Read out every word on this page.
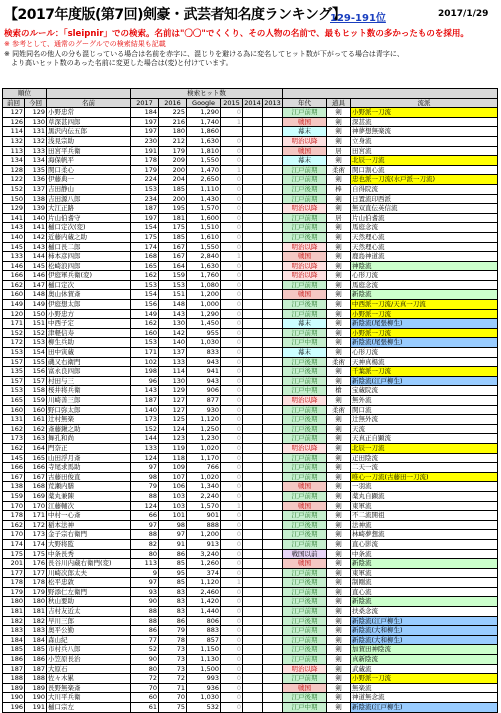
【2017年度版(第7回)剣豪・武芸者知名度ランキング】
129-191位	2017/1/29
検索のルール：「sleipnir」での検索。名前は"〇〇"でくくり、その人物の名前で、最もヒット数の多かったものを採用。
※ 参考として、通常のグーグルでの検索結果も記載
※ 同姓同名の他人の分も混じっている場合は名前を赤字に、混じりを避ける為に変名してヒット数が下がってる場合は青字に、
　より高いヒット数のあった名前に変更した場合は(変)と付けています。
順位			検索ヒット数								
前回	今回	名前	2017	2016	Google	2015	2014	2013	年代	道具	流派
127	129	小野忠常	184	225	1,290	0			江戸前期	剣	小野派一刀流
126	130	草深甚四郎	197	216	1,740	1			戦国	剣	深甚流
114	131	黒沢内伝五郎	197	180	1,860				幕末	剣	神夢想無楽流
132	132	浅見宗助	230	212	1,630	0			明治以降	剣	立身流
113	133	田宮平兵衛	191	179	1,810	0			戦国	居	田宮流
134	134	海保帆平	178	209	1,550	0			幕末	剣	北辰一刀流
128	135	関口柔心	179	200	1,470	1			江戸前期	柔術	関口割心流
122	136	伊藤典一	224	204	2,650	0			江戸前期	剣	忠也派一刀流(水戸派一刀流)
152	137	吉田静山	153	185	1,110	0			江戸後期	棒	自得院流
150	138	吉田源八郎	234	200	1,430	0			江戸前期	剣	日置流印西派
129	139	大江正路	187	195	1,570	0			明治以降	剣	無双直伝英信流
141	140	片山伯耆守	197	181	1,600	0			江戸前期	居	片山伯耆流
143	141	樋口定次(変)	154	175	1,510	0			江戸前期	剣	馬庭念流
140	142	近藤内蔵之助	175	185	1,610	0			江戸後期	剣	天然理心流
145	143	樋口長二郎	174	167	1,550	0			明治以降	剣	天然理心流
133	144	柿本彦四郎	168	167	2,840	1			戦国	剣	鹿島神道流
146	145	松崎浪四郎	165	164	1,630	0			明治以降	剣	神陰流
166	146	伊庭軍兵衛(変)	162	159	1,760	0			明治以降	剣	心形刀流
162	147	樋口定次	153	153	1,080	0			江戸前期	剣	馬庭念流
160	148	奥山休賀斎	154	151	1,200	0			戦国	剣	新陰流
149	149	伊庭想太郎	156	148	1,000	0			江戸後期	剣	中西派一刀流/天真一刀流
120	150	小野忠方	149	143	1,290	0			江戸前期	剣	小野派一刀流
171	151	中西子定	162	130	1,450	0			幕末	剣	新陰流(尾張柳生)
152	152	津軽信寿	160	142	955	0			江戸前期	剣	小野派一刀流
172	153	柳生兵助	153	140	1,030	0			江戸中期	剣	新陰流(尾張柳生)
153	154	田中寅蔵	171	137	833	0			幕末	剣	心形刀流
157	155	磯又右衛門	102	133	943	0			江戸後期	柔術	天神真楊流
135	156	富永良四郎	198	114	941	0			江戸後期	剣	千葉派一刀流
157	157	村田与三	96	130	943	0			江戸前期	剣	新陰流(江戸柳生)
153	158	桜井将兵衛	143	129	906	0			江戸中期	槍	宝蔵院流
165	159	川崎善三郎	187	127	877	0			明治以降	剣	無外流
160	160	野口弥太郎	140	127	930	0			江戸前期	柔術	関口流
131	161	辻村無楽	173	125	1,120	0			江戸後期	剣	辻無外流
162	162	斎藤鍬之助	152	124	1,250	0			江戸後期	剣	天流
173	163	舞孔和尚	144	123	1,230	0			江戸前期	剣	天真正自顕流
162	164	門奈正	133	119	1,020	0			明治以降	剣	北辰一刀流
145	165	山田浮月斎	124	118	1,170	0			江戸前期	剣	疋田陰流
166	166	寺尾求馬助	97	109	766	0			江戸前期	剣	二天一流
167	167	古藤田俊直	98	107	1,020	0			江戸前期	剣	唯心一刀流(古藤田一刀流)
138	168	荒瀬内膳	79	106	1,340	0			戦国	剣	一羽流
159	169	薬丸兼陳	88	103	2,240	0			江戸前期	剣	薬丸自顕流
170	170	江藤輔次	124	103	1,570	1			戦国	剣	東軍流
178	171	中村一心斎	66	101	901	0			江戸前期	剣	不二流開祖
162	172	稲本法神	97	98	888	0			江戸後期	剣	法神流
170	173	金子宗右衛門	88	97	1,200	0			江戸後期	剣	林崎夢想流
174	174	大野将監	82	91	913	0			江戸前期	剣	直心影流
175	175	中条長秀	80	86	3,240	0			戦国以前	剣	中条流
201	176	長谷川内蔵右衛門(変)	113	85	1,260	0			戦国	剣	新陰流
177	177	川崎次郎太夫	9	95	374	0			江戸前期	剣	東軍流
178	178	松平忠敦	97	85	1,120	1			江戸後期	剣	制剛流
179	179	野添仁左衛門	93	83	2,460	0			江戸前期	剣	直心流
180	180	秋山要助	90	83	1,420	0			江戸後期	剣	新陰流
181	181	吉村友近太	88	83	1,440	0			江戸前期	剣	扶桑念流
182	182	早川三郎	88	86	806	0			江戸後期	剣	新陰流(江戸柳生)
183	183	奥平公勤	86	79	883	0			江戸前期	剣	新陰流(大和柳生)
184	184	森山紀	77	78	857	0			江戸前期	剣	新陰流(大和柳生)
185	185	市村兵八郎	52	73	1,150	0			江戸後期	剣	加賀田神陰流
186	186	小笠原長治	90	73	1,130	0			江戸前期	剣	真新陰流
187	187	大原石	80	73	1,500	0			明治以降	剣	武蔵流
188	188	佐々木累	72	72	993	0			江戸前期	剣	小野派一刀流
189	189	長野無楽斎	70	71	936	0			戦国	剣	無楽流
190	190	大川平兵衛	60	70	1,030	0			江戸後期	剣	神道無念流
196	191	樋口宗左	61	75	532	0			江戸中期	剣	新陰流(江戸柳生)
